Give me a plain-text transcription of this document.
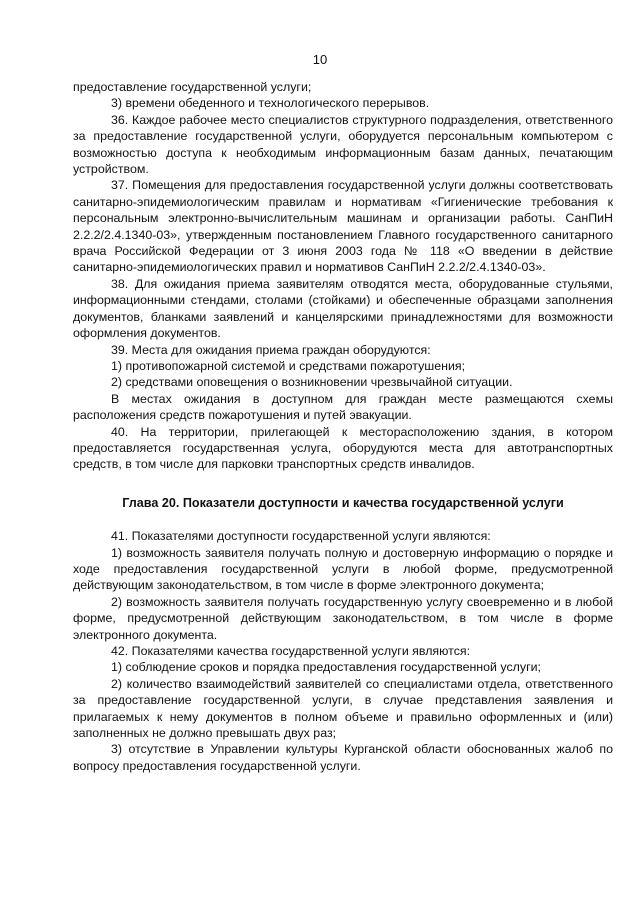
10

предоставление государственной услуги;

3) времени обеденного и технологического перерывов.

36. Каждое рабочее место специалистов структурного подразделения, ответственного за предоставление государственной услуги, оборудуется персональным компьютером с возможностью доступа к необходимым информационным базам данных, печатающим устройством.

37. Помещения для предоставления государственной услуги должны соответствовать санитарно-эпидемиологическим правилам и нормативам «Гигиенические требования к персональным электронно-вычислительным машинам и организации работы. СанПиН 2.2.2/2.4.1340-03», утвержденным постановлением Главного государственного санитарного врача Российской Федерации от 3 июня 2003 года № 118 «О введении в действие санитарно-эпидемиологических правил и нормативов СанПиН 2.2.2/2.4.1340-03».

38. Для ожидания приема заявителям отводятся места, оборудованные стульями, информационными стендами, столами (стойками) и обеспеченные образцами заполнения документов, бланками заявлений и канцелярскими принадлежностями для возможности оформления документов.

39. Места для ожидания приема граждан оборудуются:

1) противопожарной системой и средствами пожаротушения;

2) средствами оповещения о возникновении чрезвычайной ситуации.

В местах ожидания в доступном для граждан месте размещаются схемы расположения средств пожаротушения и путей эвакуации.

40. На территории, прилегающей к месторасположению здания, в котором предоставляется государственная услуга, оборудуются места для автотранспортных средств, в том числе для парковки транспортных средств инвалидов.

Глава 20. Показатели доступности и качества государственной услуги

41. Показателями доступности государственной услуги являются:

1) возможность заявителя получать полную и достоверную информацию о порядке и ходе предоставления государственной услуги в любой форме, предусмотренной действующим законодательством, в том числе в форме электронного документа;

2) возможность заявителя получать государственную услугу своевременно и в любой форме, предусмотренной действующим законодательством, в том числе в форме электронного документа.

42. Показателями качества государственной услуги являются:

1) соблюдение сроков и порядка предоставления государственной услуги;

2) количество взаимодействий заявителей со специалистами отдела, ответственного за предоставление государственной услуги, в случае представления заявления и прилагаемых к нему документов в полном объеме и правильно оформленных и (или) заполненных не должно превышать двух раз;

3) отсутствие в Управлении культуры Курганской области обоснованных жалоб по вопросу предоставления государственной услуги.
